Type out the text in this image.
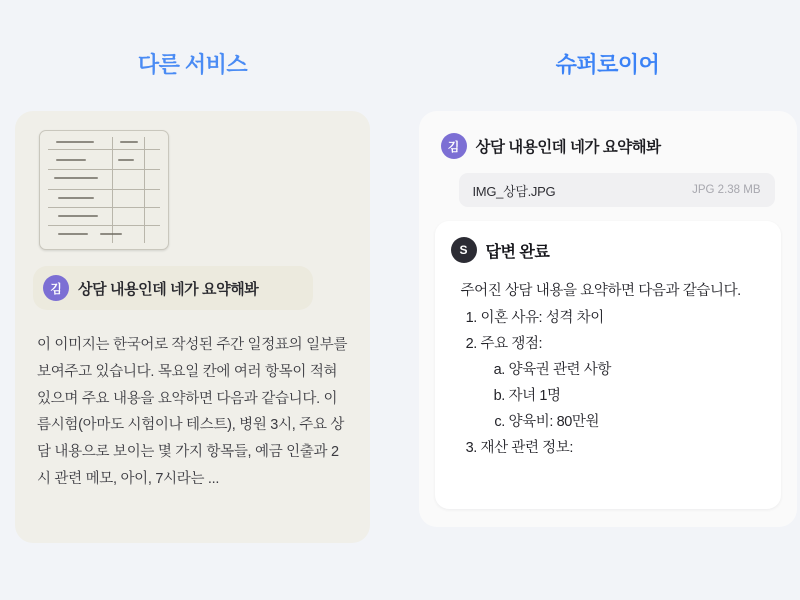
다른 서비스
김	상담 내용인데 네가 요약해봐
이 이미지는 한국어로 작성된 주간 일정표의 일부를 보여주고 있습니다. 목요일 칸에 여러 항목이 적혀 있으며 주요 내용을 요약하면 다음과 같습니다. 이름시험(아마도 시험이나 테스트), 병원 3시, 주요 상담 내용으로 보이는 몇 가지 항목들, 예금 인출과 2시 관련 메모, 아이, 7시라는 ...
슈퍼로이어
김	상담 내용인데 네가 요약해봐
IMG_상담.JPG	JPG 2.38 MB
S	답변 완료
주어진 상담 내용을 요약하면 다음과 같습니다.
1. 이혼 사유: 성격 차이
2. 주요 쟁점:
a. 양육권 관련 사항
b. 자녀 1명
c. 양육비: 80만원
3. 재산 관련 정보:
